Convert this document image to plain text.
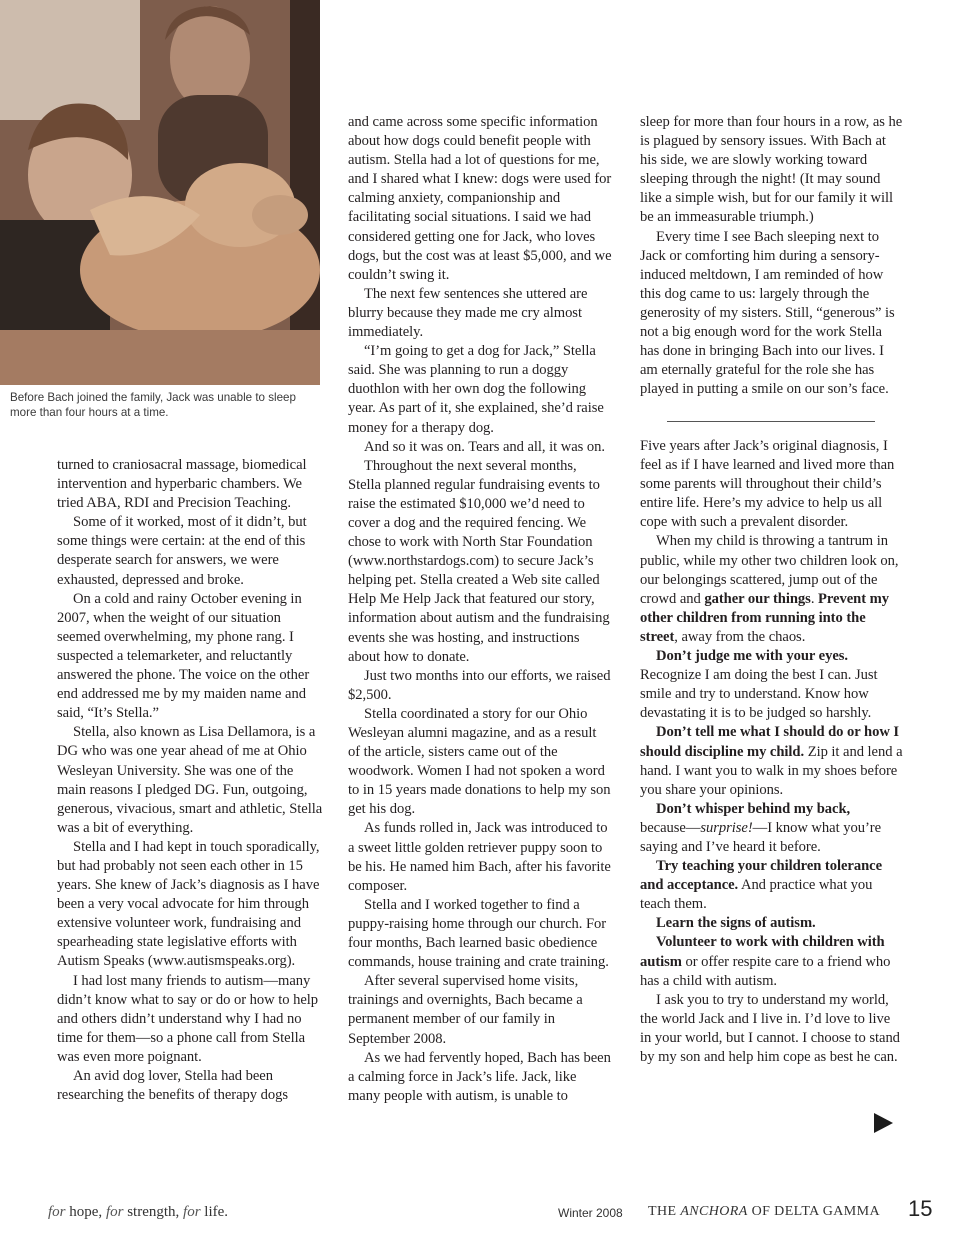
Before Bach joined the family, Jack was unable to sleep more than four hours at a time.

turned to craniosacral massage, biomedical intervention and hyperbaric chambers. We tried ABA, RDI and Precision Teaching.

Some of it worked, most of it didn’t, but some things were certain: at the end of this desperate search for answers, we were exhausted, depressed and broke.

On a cold and rainy October evening in 2007, when the weight of our situation seemed overwhelming, my phone rang. I suspected a telemarketer, and reluctantly answered the phone. The voice on the other end addressed me by my maiden name and said, “It’s Stella.”

Stella, also known as Lisa Dellamora, is a DG who was one year ahead of me at Ohio Wesleyan University. She was one of the main reasons I pledged DG. Fun, outgoing, generous, vivacious, smart and athletic, Stella was a bit of everything.

Stella and I had kept in touch sporadically, but had probably not seen each other in 15 years. She knew of Jack’s diagnosis as I have been a very vocal advocate for him through extensive volunteer work, fundraising and spearheading state legislative efforts with Autism Speaks (www.autismspeaks.org).

I had lost many friends to autism—many didn’t know what to say or do or how to help and others didn’t understand why I had no time for them—so a phone call from Stella was even more poignant.

An avid dog lover, Stella had been researching the benefits of therapy dogs

and came across some specific information about how dogs could benefit people with autism. Stella had a lot of questions for me, and I shared what I knew: dogs were used for calming anxiety, companionship and facilitating social situations. I said we had considered getting one for Jack, who loves dogs, but the cost was at least $5,000, and we couldn’t swing it.

The next few sentences she uttered are blurry because they made me cry almost immediately.

“I’m going to get a dog for Jack,” Stella said. She was planning to run a doggy duothlon with her own dog the following year. As part of it, she explained, she’d raise money for a therapy dog.

And so it was on. Tears and all, it was on.

Throughout the next several months, Stella planned regular fundraising events to raise the estimated $10,000 we’d need to cover a dog and the required fencing. We chose to work with North Star Foundation (www.northstardogs.com) to secure Jack’s helping pet. Stella created a Web site called Help Me Help Jack that featured our story, information about autism and the fundraising events she was hosting, and instructions about how to donate.

Just two months into our efforts, we raised $2,500.

Stella coordinated a story for our Ohio Wesleyan alumni magazine, and as a result of the article, sisters came out of the woodwork. Women I had not spoken a word to in 15 years made donations to help my son get his dog.

As funds rolled in, Jack was introduced to a sweet little golden retriever puppy soon to be his. He named him Bach, after his favorite composer.

Stella and I worked together to find a puppy-raising home through our church. For four months, Bach learned basic obedience commands, house training and crate training.

After several supervised home visits, trainings and overnights, Bach became a permanent member of our family in September 2008.

As we had fervently hoped, Bach has been a calming force in Jack’s life. Jack, like many people with autism, is unable to

sleep for more than four hours in a row, as he is plagued by sensory issues. With Bach at his side, we are slowly working toward sleeping through the night! (It may sound like a simple wish, but for our family it will be an immeasurable triumph.)

Every time I see Bach sleeping next to Jack or comforting him during a sensory-induced meltdown, I am reminded of how this dog came to us: largely through the generosity of my sisters. Still, “generous” is not a big enough word for the work Stella has done in bringing Bach into our lives. I am eternally grateful for the role she has played in putting a smile on our son’s face.

Five years after Jack’s original diagnosis, I feel as if I have learned and lived more than some parents will throughout their child’s entire life. Here’s my advice to help us all cope with such a prevalent disorder.

When my child is throwing a tantrum in public, while my other two children look on, our belongings scattered, jump out of the crowd and gather our things. Prevent my other children from running into the street, away from the chaos.

Don’t judge me with your eyes.

Recognize I am doing the best I can. Just smile and try to understand. Know how devastating it is to be judged so harshly.

Don’t tell me what I should do or how I should discipline my child. Zip it and lend a hand. I want you to walk in my shoes before you share your opinions.

Don’t whisper behind my back,

because—surprise!—I know what you’re saying and I’ve heard it before.

Try teaching your children tolerance and acceptance. And practice what you teach them.

Learn the signs of autism.

Volunteer to work with children with autism or offer respite care to a friend who has a child with autism.

I ask you to try to understand my world, the world Jack and I live in. I’d love to live in your world, but I cannot. I choose to stand by my son and help him cope as best he can.

for hope, for strength, for life.	Winter 2008 THE ANCHORA OF DELTA GAMMA 15
